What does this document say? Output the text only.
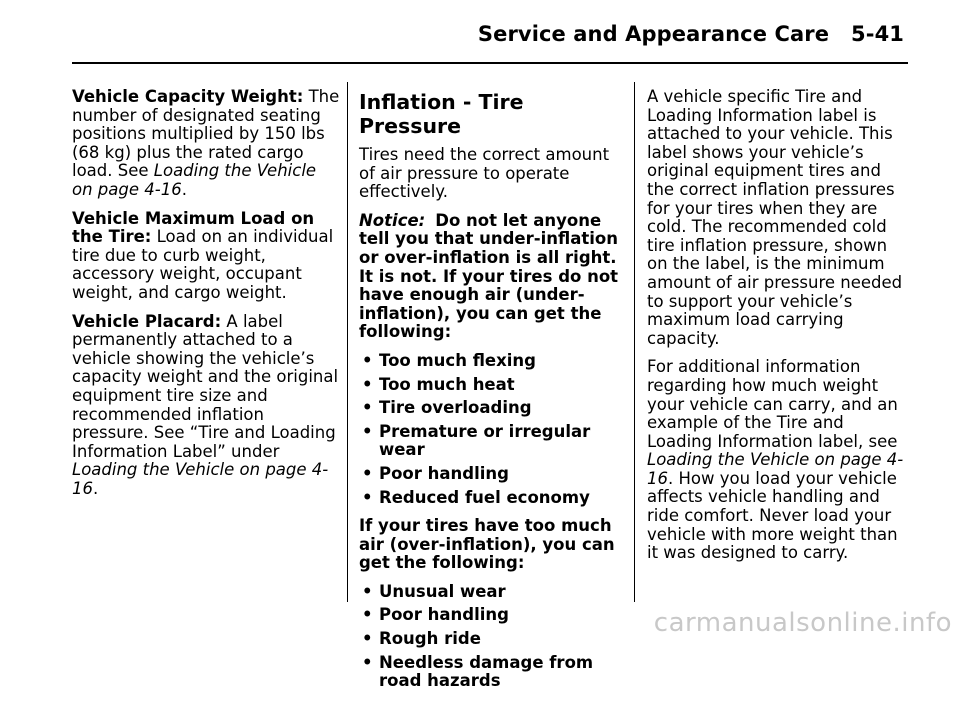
Service and Appearance Care 5-41

Vehicle Capacity Weight: The number of designated seating positions multiplied by 150 lbs (68 kg) plus the rated cargo load. See Loading the Vehicle on page 4-16.

Vehicle Maximum Load on the Tire: Load on an individual tire due to curb weight, accessory weight, occupant weight, and cargo weight.

Vehicle Placard: A label permanently attached to a vehicle showing the vehicle’s capacity weight and the original equipment tire size and recommended inflation pressure. See “Tire and Loading Information Label” under Loading the Vehicle on page 4-16.

Inflation - Tire Pressure

Tires need the correct amount of air pressure to operate effectively.

Notice: Do not let anyone tell you that under-inflation or over-inflation is all right. It is not. If your tires do not have enough air (under-inflation), you can get the following:

• Too much flexing
• Too much heat
• Tire overloading
• Premature or irregular wear
• Poor handling
• Reduced fuel economy

If your tires have too much air (over-inflation), you can get the following:

• Unusual wear
• Poor handling
• Rough ride
• Needless damage from road hazards

A vehicle specific Tire and Loading Information label is attached to your vehicle. This label shows your vehicle’s original equipment tires and the correct inflation pressures for your tires when they are cold. The recommended cold tire inflation pressure, shown on the label, is the minimum amount of air pressure needed to support your vehicle’s maximum load carrying capacity.

For additional information regarding how much weight your vehicle can carry, and an example of the Tire and Loading Information label, see Loading the Vehicle on page 4-16. How you load your vehicle affects vehicle handling and ride comfort. Never load your vehicle with more weight than it was designed to carry.

carmanualsonline.info
